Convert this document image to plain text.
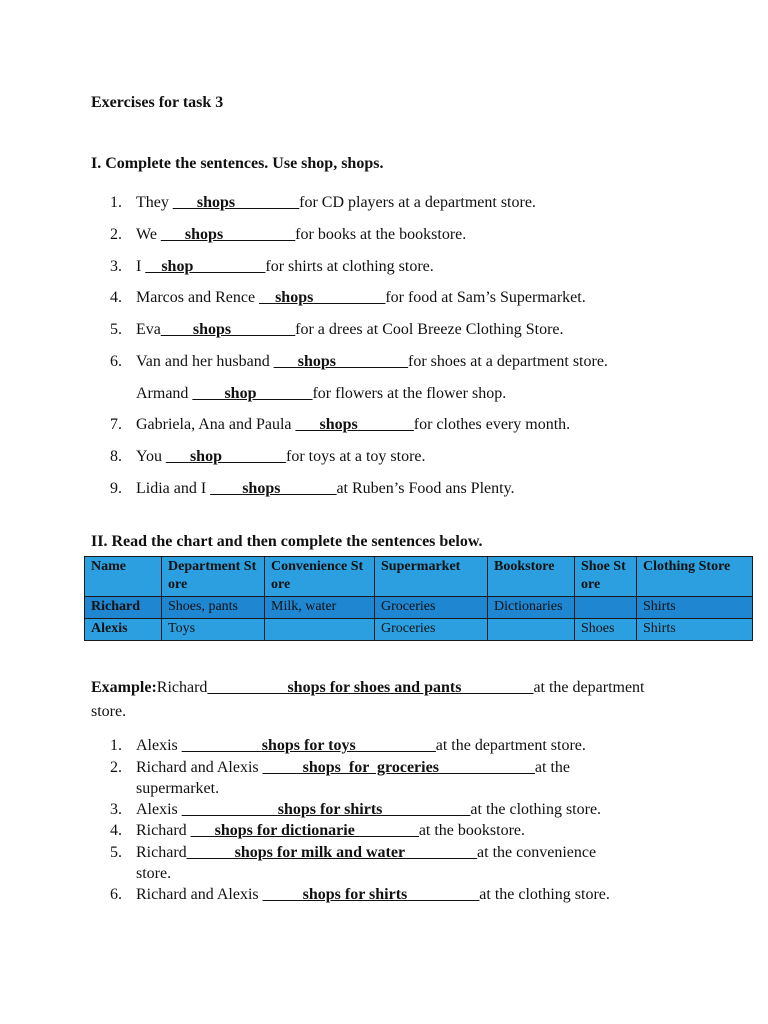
Exercises for task 3
I. Complete the sentences. Use shop, shops.
1. They ___shops________for CD players at a department store.
2. We ___shops_________for books at the bookstore.
3. I __shop_________for shirts at clothing store.
4. Marcos and Rence __shops_________for food at Sam’s Supermarket.
5. Eva____shops________for a drees at Cool Breeze Clothing Store.
6. Van and her husband ___shops_________for shoes at a department store.
Armand ____shop_______for flowers at the flower shop.
7. Gabriela, Ana and Paula ___shops_______for clothes every month.
8. You ___shop________for toys at a toy store.
9. Lidia and I ____shops_______at Ruben’s Food ans Plenty.
II. Read the chart and then complete the sentences below.
Name	Department Store	Convenience Store	Supermarket	Bookstore	Shoe Store	Clothing Store
Richard	Shoes, pants	Milk, water	Groceries	Dictionaries		Shirts
Alexis	Toys		Groceries		Shoes	Shirts
Example:Richard__________shops for shoes and pants_________at the department store.
1. Alexis __________shops for toys__________at the department store.
2. Richard and Alexis _____shops  for  groceries____________at the
supermarket.
3. Alexis ____________shops for shirts___________at the clothing store.
4. Richard ___shops for dictionarie________at the bookstore.
5. Richard______shops for milk and water_________at the convenience
store.
6. Richard and Alexis _____shops for shirts_________at the clothing store.
